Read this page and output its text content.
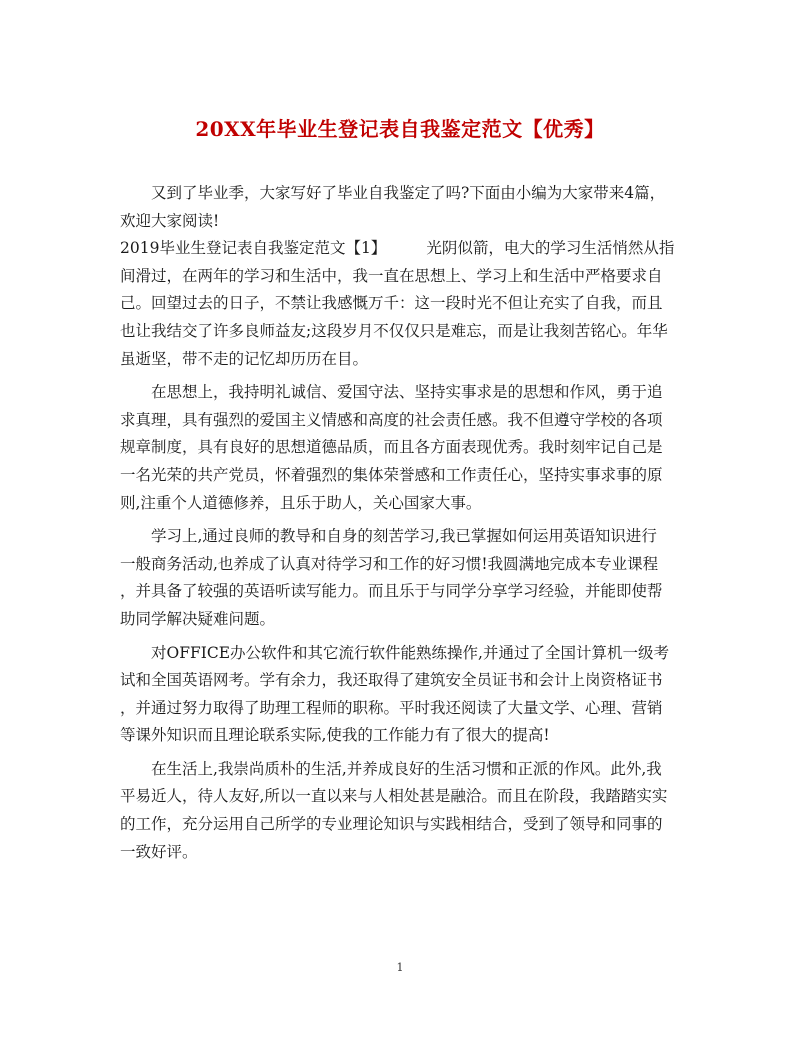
20XX年毕业生登记表自我鉴定范文【优秀】
又到了毕业季，大家写好了毕业自我鉴定了吗?下面由小编为大家带来4篇，
欢迎大家阅读!
2019毕业生登记表自我鉴定范文【1】	光阴似箭，电大的学习生活悄然从指
间滑过，在两年的学习和生活中，我一直在思想上、学习上和生活中严格要求自
己。回望过去的日子，不禁让我感慨万千：这一段时光不但让充实了自我，而且
也让我结交了许多良师益友;这段岁月不仅仅只是难忘，而是让我刻苦铭心。年华
虽逝坚，带不走的记忆却历历在目。
在思想上，我持明礼诚信、爱国守法、坚持实事求是的思想和作风，勇于追
求真理，具有强烈的爱国主义情感和高度的社会责任感。我不但遵守学校的各项
规章制度，具有良好的思想道德品质，而且各方面表现优秀。我时刻牢记自己是
一名光荣的共产党员，怀着强烈的集体荣誉感和工作责任心，坚持实事求事的原
则,注重个人道德修养，且乐于助人，关心国家大事。
学习上,通过良师的教导和自身的刻苦学习,我已掌握如何运用英语知识进行
一般商务活动,也养成了认真对待学习和工作的好习惯!我圆满地完成本专业课程
，并具备了较强的英语听读写能力。而且乐于与同学分享学习经验，并能即使帮
助同学解决疑难问题。
对OFFICE办公软件和其它流行软件能熟练操作,并通过了全国计算机一级考
试和全国英语网考。学有余力，我还取得了建筑安全员证书和会计上岗资格证书
，并通过努力取得了助理工程师的职称。平时我还阅读了大量文学、心理、营销
等课外知识而且理论联系实际,使我的工作能力有了很大的提高!
在生活上,我崇尚质朴的生活,并养成良好的生活习惯和正派的作风。此外,我
平易近人，待人友好,所以一直以来与人相处甚是融洽。而且在阶段，我踏踏实实
的工作，充分运用自己所学的专业理论知识与实践相结合，受到了领导和同事的
一致好评。
1
